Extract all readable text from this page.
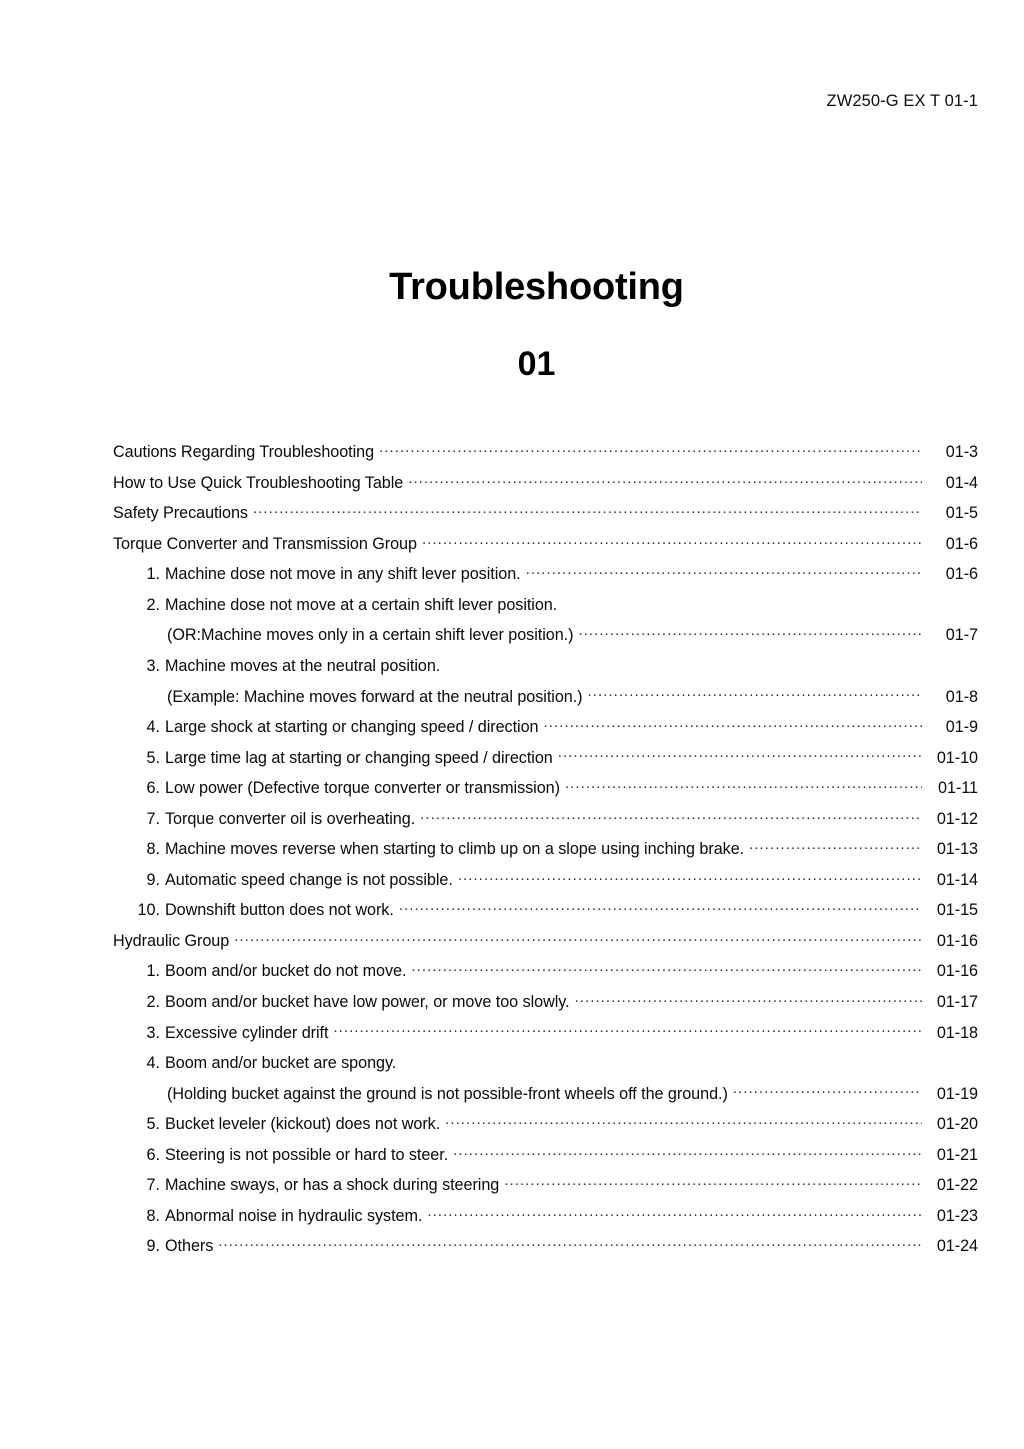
ZW250-G EX T 01-1
Troubleshooting
01
Cautions Regarding Troubleshooting .....	01-3
How to Use Quick Troubleshooting Table .....	01-4
Safety Precautions .....	01-5
Torque Converter and Transmission Group .....	01-6
1. Machine dose not move in any shift lever position. .....	01-6
2. Machine dose not move at a certain shift lever position.
(OR:Machine moves only in a certain shift lever position.) .....	01-7
3. Machine moves at the neutral position.
(Example: Machine moves forward at the neutral position.) .....	01-8
4. Large shock at starting or changing speed / direction .....	01-9
5. Large time lag at starting or changing speed / direction .....	01-10
6. Low power (Defective torque converter or transmission) .....	01-11
7. Torque converter oil is overheating. .....	01-12
8. Machine moves reverse when starting to climb up on a slope using inching brake. .....	01-13
9. Automatic speed change is not possible. .....	01-14
10. Downshift button does not work. .....	01-15
Hydraulic Group .....	01-16
1. Boom and/or bucket do not move. .....	01-16
2. Boom and/or bucket have low power, or move too slowly. .....	01-17
3. Excessive cylinder drift .....	01-18
4. Boom and/or bucket are spongy.
(Holding bucket against the ground is not possible-front wheels off the ground.) .....	01-19
5. Bucket leveler (kickout) does not work. .....	01-20
6. Steering is not possible or hard to steer. .....	01-21
7. Machine sways, or has a shock during steering .....	01-22
8. Abnormal noise in hydraulic system. .....	01-23
9. Others .....	01-24
